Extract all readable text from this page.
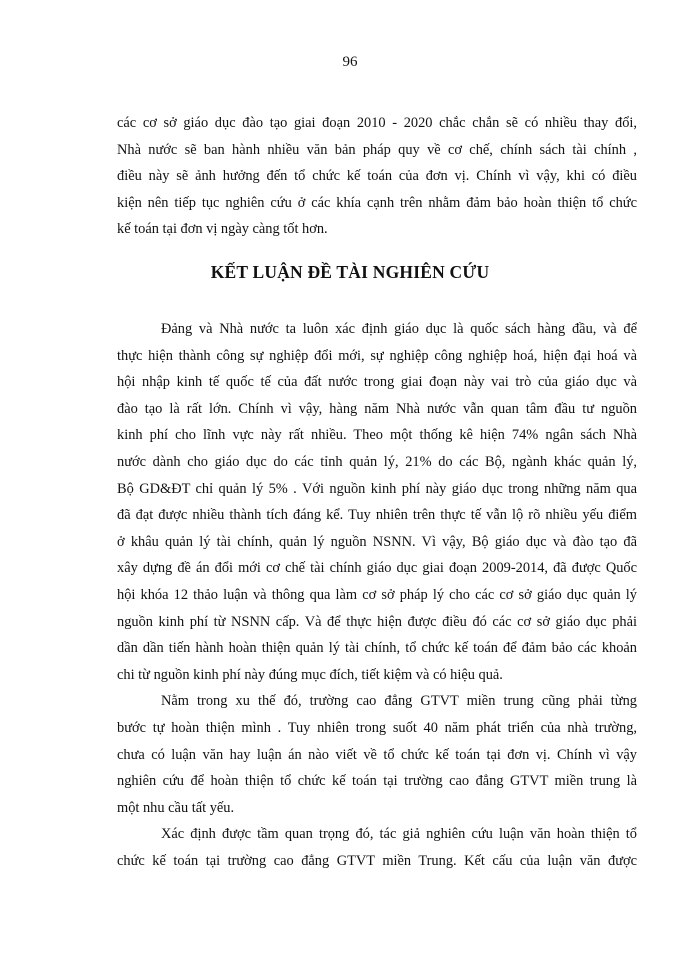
96
các cơ sở giáo dục đào tạo giai đoạn 2010 - 2020 chắc chắn sẽ có nhiều thay đổi,
Nhà nước sẽ ban hành nhiều văn bản pháp quy về cơ chế, chính sách tài chính ,
điều này sẽ ảnh hưởng đến tổ chức kế toán của đơn vị. Chính vì vậy, khi có điều
kiện nên tiếp tục nghiên cứu ở các khía cạnh trên nhằm đảm bảo hoàn thiện tổ chức
kế toán tại đơn vị ngày càng tốt hơn.
KẾT LUẬN ĐỀ TÀI NGHIÊN CỨU
Đảng và Nhà nước ta luôn xác định giáo dục là quốc sách hàng đầu, và để
thực hiện thành công sự nghiệp đổi mới, sự nghiệp công nghiệp hoá, hiện đại hoá và
hội nhập kinh tế quốc tế của đất nước trong giai đoạn này vai trò của giáo dục và
đào tạo là rất lớn. Chính vì vậy, hàng năm Nhà nước vẫn quan tâm đầu tư nguồn
kinh phí cho lĩnh vực này rất nhiều. Theo một thống kê hiện 74% ngân sách Nhà
nước dành cho giáo dục do các tỉnh quản lý, 21% do các Bộ, ngành khác quản lý,
Bộ GD&ĐT chỉ quản lý 5% . Với nguồn kinh phí này giáo dục trong những năm qua
đã đạt được nhiều thành tích đáng kể. Tuy nhiên trên thực tế vẫn lộ rõ nhiều yếu điểm
ở khâu quản lý tài chính, quản lý nguồn NSNN. Vì vậy, Bộ giáo dục và đào tạo đã
xây dựng đề án đổi mới cơ chế tài chính giáo dục giai đoạn 2009-2014, đã được Quốc
hội khóa 12 thảo luận và thông qua làm cơ sở pháp lý cho các cơ sở giáo dục quản lý
nguồn kinh phí từ NSNN cấp. Và để thực hiện được điều đó các cơ sở giáo dục phải
dần dần tiến hành hoàn thiện quản lý tài chính, tổ chức kế toán để đảm bảo các khoản
chi từ nguồn kinh phí này đúng mục đích, tiết kiệm và có hiệu quả.
Nằm trong xu thế đó, trường cao đẳng GTVT miền trung cũng phải từng
bước tự hoàn thiện mình . Tuy nhiên trong suốt 40 năm phát triển của nhà trường,
chưa có luận văn hay luận án nào viết về tổ chức kế toán tại đơn vị. Chính vì vậy
nghiên cứu để hoàn thiện tổ chức kế toán tại trường cao đẳng GTVT miền trung là
một nhu cầu tất yếu.
Xác định được tầm quan trọng đó, tác giả nghiên cứu luận văn hoàn thiện tổ
chức kế toán tại trường cao đẳng GTVT miền Trung. Kết cấu của luận văn được
